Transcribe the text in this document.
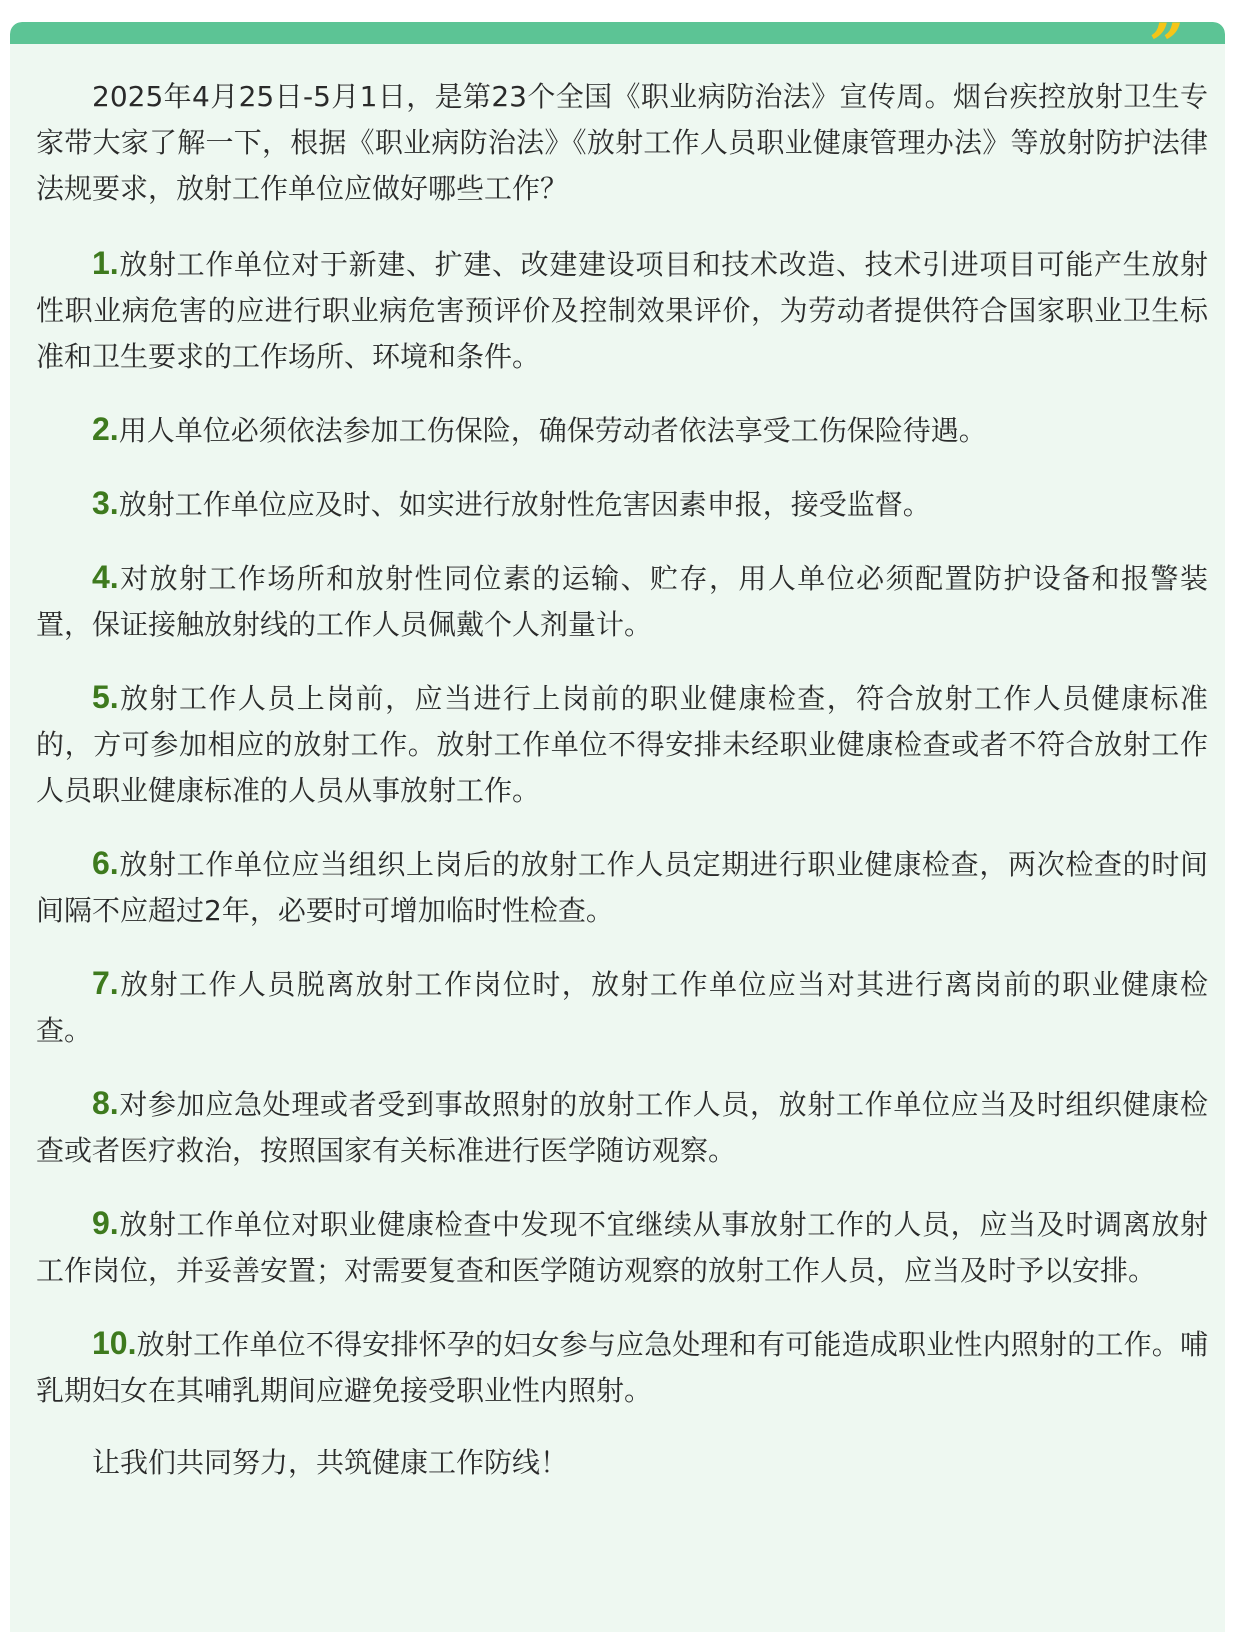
”

2025年4月25日-5月1日，是第23个全国《职业病防治法》宣传周。烟台疾控放射卫生专家带大家了解一下，根据《职业病防治法》《放射工作人员职业健康管理办法》等放射防护法律法规要求，放射工作单位应做好哪些工作？

1.放射工作单位对于新建、扩建、改建建设项目和技术改造、技术引进项目可能产生放射性职业病危害的应进行职业病危害预评价及控制效果评价，为劳动者提供符合国家职业卫生标准和卫生要求的工作场所、环境和条件。

2.用人单位必须依法参加工伤保险，确保劳动者依法享受工伤保险待遇。

3.放射工作单位应及时、如实进行放射性危害因素申报，接受监督。

4.对放射工作场所和放射性同位素的运输、贮存，用人单位必须配置防护设备和报警装置，保证接触放射线的工作人员佩戴个人剂量计。

5.放射工作人员上岗前，应当进行上岗前的职业健康检查，符合放射工作人员健康标准的，方可参加相应的放射工作。放射工作单位不得安排未经职业健康检查或者不符合放射工作人员职业健康标准的人员从事放射工作。

6.放射工作单位应当组织上岗后的放射工作人员定期进行职业健康检查，两次检查的时间间隔不应超过2年，必要时可增加临时性检查。

7.放射工作人员脱离放射工作岗位时，放射工作单位应当对其进行离岗前的职业健康检查。

8.对参加应急处理或者受到事故照射的放射工作人员，放射工作单位应当及时组织健康检查或者医疗救治，按照国家有关标准进行医学随访观察。

9.放射工作单位对职业健康检查中发现不宜继续从事放射工作的人员，应当及时调离放射工作岗位，并妥善安置；对需要复查和医学随访观察的放射工作人员，应当及时予以安排。

10.放射工作单位不得安排怀孕的妇女参与应急处理和有可能造成职业性内照射的工作。哺乳期妇女在其哺乳期间应避免接受职业性内照射。

让我们共同努力，共筑健康工作防线！
